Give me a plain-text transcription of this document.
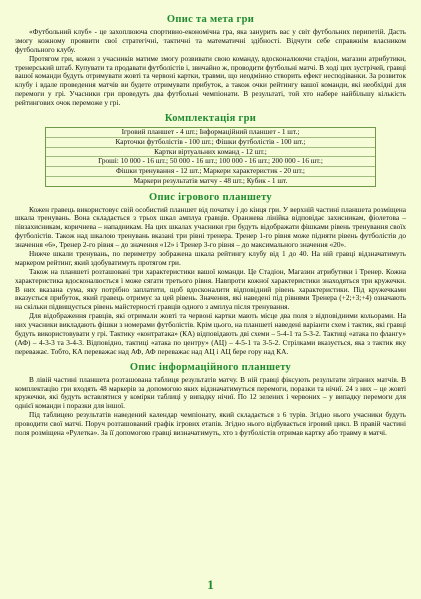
Опис та мета гри

«Футбольний клуб» - це захоплююча спортивно-економічна гра, яка занурить вас у світ футбольних перипетій. Дасть змогу кожному проявити свої стратегічні, тактичні та математичні здібності. Відчути себе справжнім власником футбольного клубу.

Протягом гри, кожен з учасників матиме змогу розвивати свою команду, вдосконалюючи стадіон, магазин атрибутики, тренерський штаб. Купувати та продавати футболістів і, звичайно ж, проводити футбольні матчі. В ході цих зустрічей, гравці вашої команди будуть отримувати жовті та червоні картки, травми, що неодмінно створить ефект несподіванки. За розвиток клубу і вдале проведення матчів ви будете отримувати прибуток, а також очки рейтингу вашої команди, які необхідні для перемоги у грі. Учасники гри проведуть два футбольні чемпіонати. В результаті, той хто набере найбільшу кількість рейтингових очок переможе у грі.

Комплектація гри
Ігровий планшет - 4 шт.; Інформаційний планшет - 1 шт.;
Карточки футболістів - 100 шт.; Фішки футболістів - 100 шт.;
Картки віртуальних команд - 12 шт.;
Гроші: 10 000 - 16 шт.; 50 000 - 16 шт.; 100 000 - 16 шт.; 200 000 - 16 шт.;
Фішки тренування - 12 шт.; Маркери характеристик - 20 шт.;
Маркери результатів матчу - 48 шт.; Кубик - 1 шт.
Опис ігрового планшету

Кожен гравець використовує свій особистий планшет від початку і до кінця гри. У верхній частині планшета розміщена шкала тренувань. Вона складається з трьох шкал амплуа гравців. Оранжева лінійка відповідає захисникам, фіолетова – півзахисникам, коричнева – нападникам. На цих шкалах учасники гри будуть відображати фішками рівень тренування своїх футболістів. Також над шкалою тренувань вказані три рівні тренера. Тренер 1-го рівня може підняти рівень футболістів до значення «6», Тренер 2-го рівня – до значення «12» і Тренер 3-го рівня – до максимального значення «20».

Нижче шкали тренувань, по периметру зображена шкала рейтингу клубу від 1 до 40. На ній гравці відзначатимуть маркером рейтинг, який здобуватимуть протягом гри.

Також на планшеті розташовані три характеристики вашої команди. Це Стадіон, Магазин атрибутики і Тренер. Кожна характеристика вдосконалюється і може сягати третього рівня. Навпроти кожної характеристики знаходяться три кружечки. В них вказана сума, яку потрібно заплатити, щоб вдосконалити відповідний рівень характеристики. Під кружечками вказується прибуток, який гравець отримує за цей рівень. Значення, які наведені під рівнями Тренера (+2;+3;+4) означають на скільки підвищується рівень майстерності гравців одного з амплуа після тренування.

Для відображення гравців, які отримали жовті та червоні картки мають місце два поля з відповідними кольорами. На них учасники викладають фішки з номерами футболістів. Крім цього, на планшеті наведені варіанти схем і тактик, які гравці будуть використовувати у грі. Тактику «контратака» (КА) відповідають дві схеми – 5-4-1 та 5-3-2. Тактиці «атака по флангу» (АФ) – 4-3-3 та 3-4-3. Відповідно, тактиці «атака по центру» (АЦ) – 4-5-1 та 3-5-2. Стрілками вказується, яка з тактик яку переважає. Тобто, КА переважає над АФ, АФ переважає над АЦ і АЦ бере гору над КА.

Опис інформаційного планшету

В лівій частині планшета розташована таблиця результатів матчу. В ній гравці фіксують результати зіграних матчів. В комплектацію гри входять 48 маркерів за допомогою яких відзначатимуться перемоги, поразки та нічиї. 24 з них – це жовті кружечки, які будуть вставлятися у комірки таблиці у випадку нічиї. По 12 зелених і червоних – у випадку перемоги для однієї команди і поразки для іншої.

Під таблицею результатів наведений календар чемпіонату, який складається з 6 турів. Згідно нього учасники будуть проводити свої матчі. Поруч розташований графік ігрових етапів. Згідно нього відбувається ігровий цикл. В правій частині поля розміщена «Рулетка». За її допомогою гравці визначатимуть, хто з футболістів отримав картку або травму в матчі.

1
